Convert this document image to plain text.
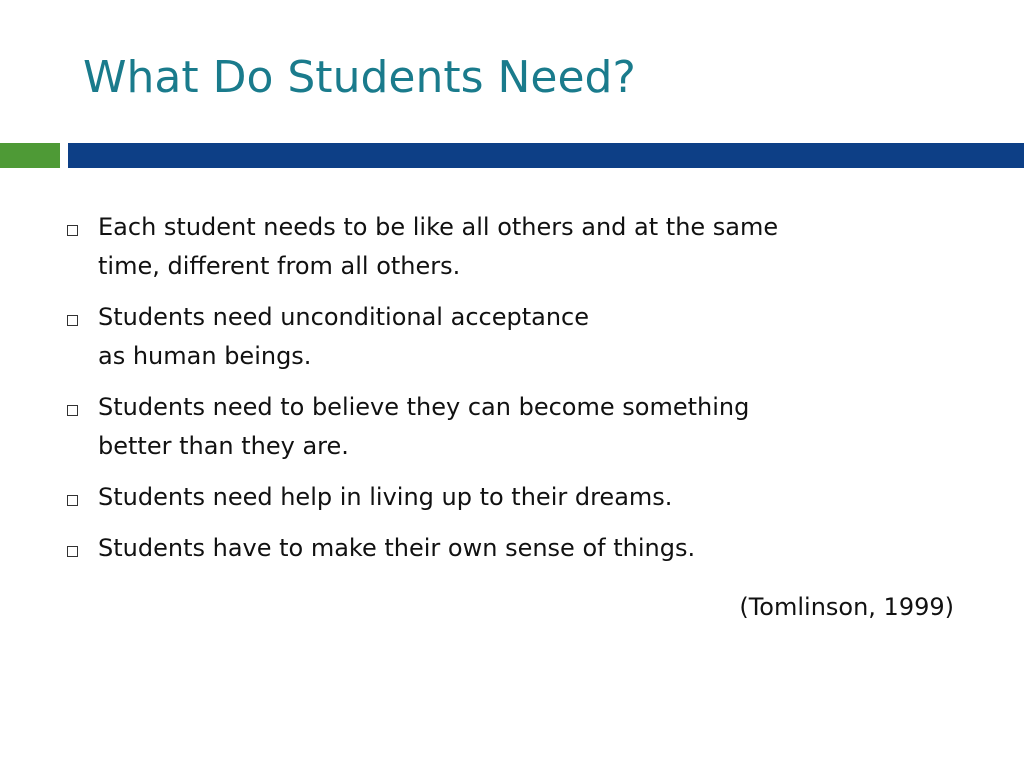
What Do Students Need?
Each student needs to be like all others and at the same
time, different from all others.
Students need unconditional acceptance
as human beings.
Students need to believe they can become something
better than they are.
Students need help in living up to their dreams.
Students have to make their own sense of things.

(Tomlinson, 1999)
